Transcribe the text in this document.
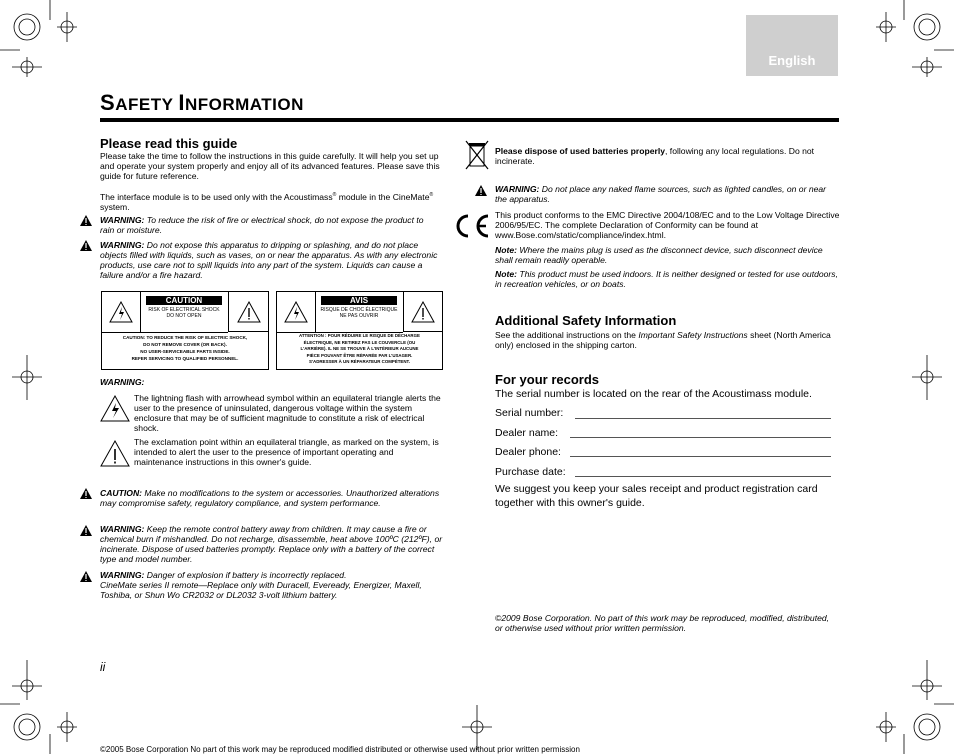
English
SAFETY INFORMATION
Please read this guide

Please take the time to follow the instructions in this guide carefully. It will help you set up and operate your system properly and enjoy all of its advanced features. Please save this guide for future reference.

The interface module is to be used only with the Acoustimass® module in the CineMate® system.

WARNING: To reduce the risk of fire or electrical shock, do not expose the product to rain or moisture.

WARNING: Do not expose this apparatus to dripping or splashing, and do not place objects filled with liquids, such as vases, on or near the apparatus. As with any electronic products, use care not to spill liquids into any part of the system. Liquids can cause a failure and/or a fire hazard.

CAUTION
RISK OF ELECTRICAL SHOCK
DO NOT OPEN
CAUTION: TO REDUCE THE RISK OF ELECTRIC SHOCK,
DO NOT REMOVE COVER (OR BACK).
NO USER-SERVICEABLE PARTS INSIDE.
REFER SERVICING TO QUALIFIED PERSONNEL.
AVIS
RISQUE DE CHOC ÉLECTRIQUE
NE PAS OUVRIR
ATTENTION : POUR RÉDUIRE LE RISQUE DE DÉCHARGE
ÉLECTRIQUE, NE RETIREZ PAS LE COUVERCLE (OU
L'ARRIÈRE). IL NE SE TROUVE À L'INTÉRIEUR AUCUNE
PIÈCE POUVANT ÊTRE RÉPARÉE PAR L'USAGER.
S'ADRESSER À UN RÉPARATEUR COMPÉTENT.

WARNING:

The lightning flash with arrowhead symbol within an equilateral triangle alerts the user to the presence of uninsulated, dangerous voltage within the system enclosure that may be of sufficient magnitude to constitute a risk of electrical shock.

The exclamation point within an equilateral triangle, as marked on the system, is intended to alert the user to the presence of important operating and maintenance instructions in this owner's guide.

CAUTION: Make no modifications to the system or accessories. Unauthorized alterations may compromise safety, regulatory compliance, and system performance.

WARNING: Keep the remote control battery away from children. It may cause a fire or chemical burn if mishandled. Do not recharge, disassemble, heat above 100ºC (212ºF), or incinerate. Dispose of used batteries promptly. Replace only with a battery of the correct type and model number.

WARNING: Danger of explosion if battery is incorrectly replaced.

CineMate series II remote—Replace only with Duracell, Eveready, Energizer, Maxell, Toshiba, or Shun Wo CR2032 or DL2032 3-volt lithium battery.

ii

Please dispose of used batteries properly, following any local regulations. Do not incinerate.

WARNING: Do not place any naked flame sources, such as lighted candles, on or near the apparatus.

This product conforms to the EMC Directive 2004/108/EC and to the Low Voltage Directive 2006/95/EC. The complete Declaration of Conformity can be found at www.Bose.com/static/compliance/index.html.

Note: Where the mains plug is used as the disconnect device, such disconnect device shall remain readily operable.

Note: This product must be used indoors. It is neither designed or tested for use outdoors, in recreation vehicles, or on boats.

Additional Safety Information

See the additional instructions on the Important Safety Instructions sheet (North America only) enclosed in the shipping carton.

For your records

The serial number is located on the rear of the Acoustimass module.

Serial number:

Dealer name:

Dealer phone:

Purchase date:

We suggest you keep your sales receipt and product registration card together with this owner's guide.

©2009 Bose Corporation. No part of this work may be reproduced, modified, distributed, or otherwise used without prior written permission.

©2005 Bose Corporation No part of this work may be reproduced modified distributed or otherwise used without prior written permission
